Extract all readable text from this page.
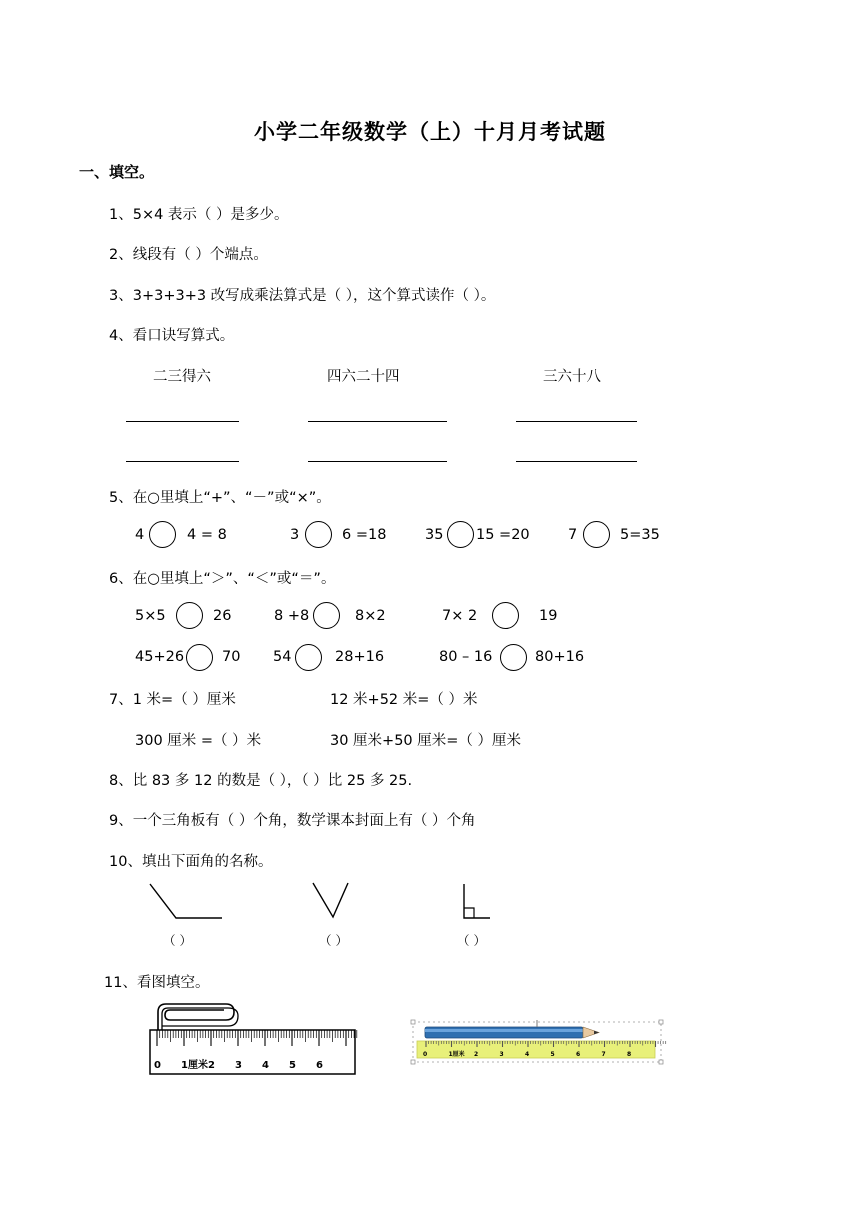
小学二年级数学（上）十月月考试题
一、填空。
1、5×4 表示（ ）是多少。
2、线段有（ ）个端点。
3、3+3+3+3 改写成乘法算式是（ ），这个算式读作（ ）。
4、看口诀写算式。
二三得六	四六二十四	三六十八
5、在○里填上“+”、“－”或“×”。
4	4 = 8	3	6 =18	35 15 =20	7	5=35
6、在○里填上“＞”、“＜”或“＝”。
5×5	26	8 +8	8×2	7× 2	19
45+26	70 54	28+16	80 – 16	80+16
7、1 米=（ ）厘米	12 米+52 米=（ ）米
300 厘米 =（ ）米	30 厘米+50 厘米=（ ）厘米
8、比 83 多 12 的数是（ ），（ ）比 25 多 25.
9、一个三角板有（ ）个角，数学课本封面上有（ ）个角
10、填出下面角的名称。
（ ）	（ ）	（ ）
11、看图填空。
0 1厘米 2 3 4 5 6
0	1厘米 2	3	4	5	6	7	8
